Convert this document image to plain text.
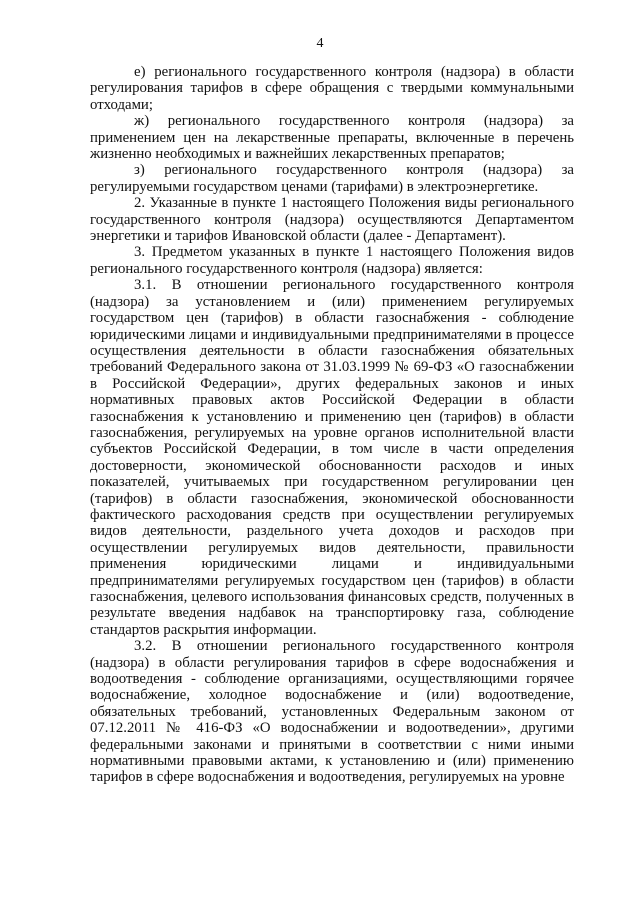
4

е) регионального государственного контроля (надзора) в области регулирования тарифов в сфере обращения с твердыми коммунальными отходами;

ж) регионального государственного контроля (надзора) за применением цен на лекарственные препараты, включенные в перечень жизненно необходимых и важнейших лекарственных препаратов;

з) регионального государственного контроля (надзора) за регулируемыми государством ценами (тарифами) в электроэнергетике.

2. Указанные в пункте 1 настоящего Положения виды регионального государственного контроля (надзора) осуществляются Департаментом энергетики и тарифов Ивановской области (далее - Департамент).

3. Предметом указанных в пункте 1 настоящего Положения видов регионального государственного контроля (надзора) является:

3.1. В отношении регионального государственного контроля (надзора) за установлением и (или) применением регулируемых государством цен (тарифов) в области газоснабжения - соблюдение юридическими лицами и индивидуальными предпринимателями в процессе осуществления деятельности в области газоснабжения обязательных требований Федерального закона от 31.03.1999 № 69-ФЗ «О газоснабжении в Российской Федерации», других федеральных законов и иных нормативных правовых актов Российской Федерации в области газоснабжения к установлению и применению цен (тарифов) в области газоснабжения, регулируемых на уровне органов исполнительной власти субъектов Российской Федерации, в том числе в части определения достоверности, экономической обоснованности расходов и иных показателей, учитываемых при государственном регулировании цен (тарифов) в области газоснабжения, экономической обоснованности фактического расходования средств при осуществлении регулируемых видов деятельности, раздельного учета доходов и расходов при осуществлении регулируемых видов деятельности, правильности применения юридическими лицами и индивидуальными предпринимателями регулируемых государством цен (тарифов) в области газоснабжения, целевого использования финансовых средств, полученных в результате введения надбавок на транспортировку газа, соблюдение стандартов раскрытия информации.

3.2. В отношении регионального государственного контроля (надзора) в области регулирования тарифов в сфере водоснабжения и водоотведения - соблюдение организациями, осуществляющими горячее водоснабжение, холодное водоснабжение и (или) водоотведение, обязательных требований, установленных Федеральным законом от 07.12.2011 № 416-ФЗ «О водоснабжении и водоотведении», другими федеральными законами и принятыми в соответствии с ними иными нормативными правовыми актами, к установлению и (или) применению тарифов в сфере водоснабжения и водоотведения, регулируемых на уровне
